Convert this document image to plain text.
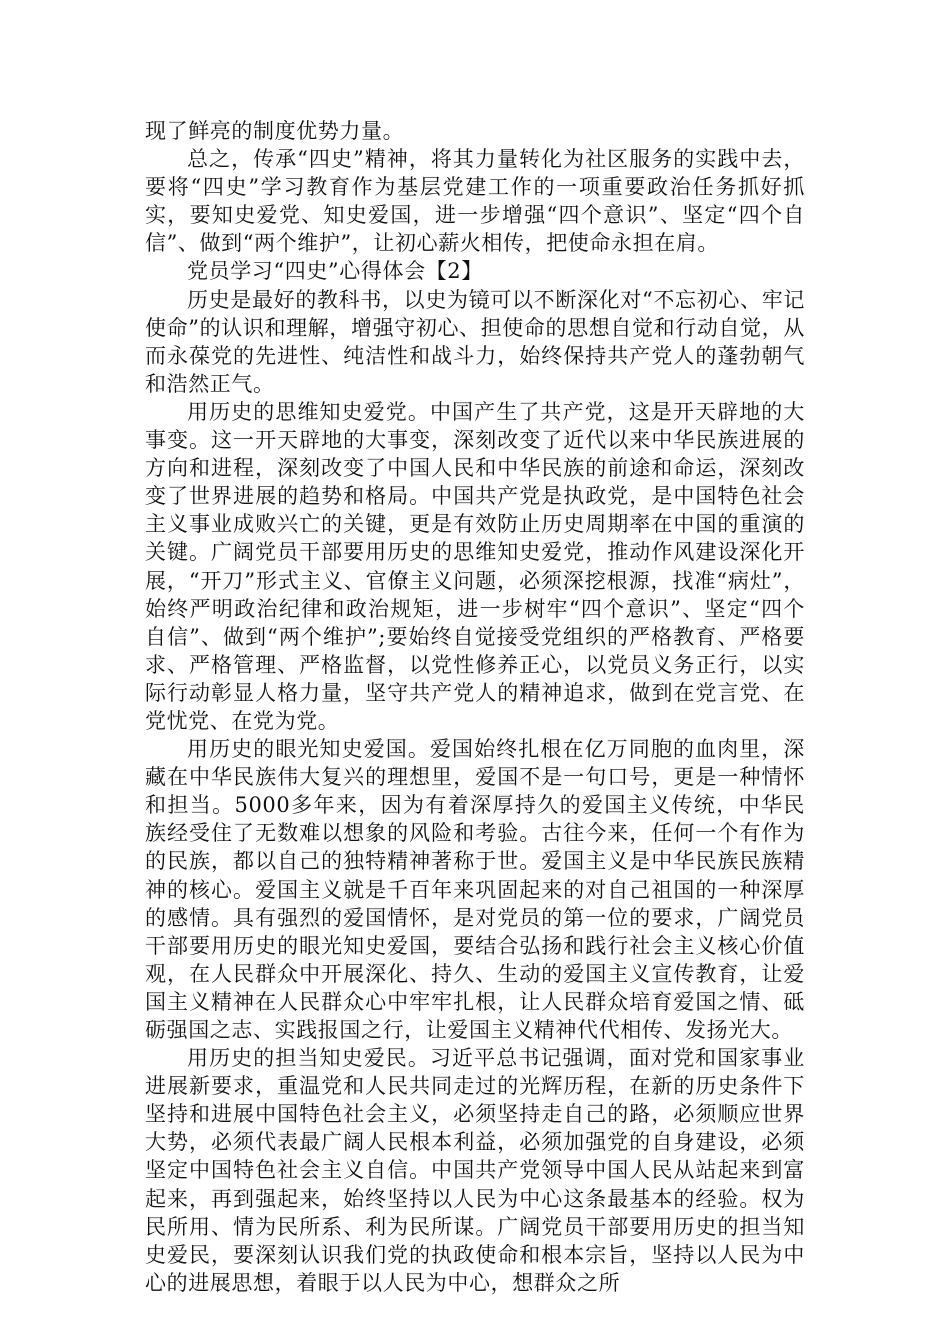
现了鲜亮的制度优势力量。

总之，传承“四史”精神，将其力量转化为社区服务的实践中去，要将“四史”学习教育作为基层党建工作的一项重要政治任务抓好抓实，要知史爱党、知史爱国，进一步增强“四个意识”、坚定“四个自信”、做到“两个维护”，让初心薪火相传，把使命永担在肩。

党员学习“四史”心得体会【2】

历史是最好的教科书，以史为镜可以不断深化对“不忘初心、牢记使命”的认识和理解，增强守初心、担使命的思想自觉和行动自觉，从而永葆党的先进性、纯洁性和战斗力，始终保持共产党人的蓬勃朝气和浩然正气。

用历史的思维知史爱党。中国产生了共产党，这是开天辟地的大事变。这一开天辟地的大事变，深刻改变了近代以来中华民族进展的方向和进程，深刻改变了中国人民和中华民族的前途和命运，深刻改变了世界进展的趋势和格局。中国共产党是执政党，是中国特色社会主义事业成败兴亡的关键，更是有效防止历史周期率在中国的重演的关键。广阔党员干部要用历史的思维知史爱党，推动作风建设深化开展，“开刀”形式主义、官僚主义问题，必须深挖根源，找准“病灶”，始终严明政治纪律和政治规矩，进一步树牢“四个意识”、坚定“四个自信”、做到“两个维护”;要始终自觉接受党组织的严格教育、严格要求、严格管理、严格监督，以党性修养正心，以党员义务正行，以实际行动彰显人格力量，坚守共产党人的精神追求，做到在党言党、在党忧党、在党为党。

用历史的眼光知史爱国。爱国始终扎根在亿万同胞的血肉里，深藏在中华民族伟大复兴的理想里，爱国不是一句口号，更是一种情怀和担当。5000多年来，因为有着深厚持久的爱国主义传统，中华民族经受住了无数难以想象的风险和考验。古往今来，任何一个有作为的民族，都以自己的独特精神著称于世。爱国主义是中华民族民族精神的核心。爱国主义就是千百年来巩固起来的对自己祖国的一种深厚的感情。具有强烈的爱国情怀，是对党员的第一位的要求，广阔党员干部要用历史的眼光知史爱国，要结合弘扬和践行社会主义核心价值观，在人民群众中开展深化、持久、生动的爱国主义宣传教育，让爱国主义精神在人民群众心中牢牢扎根，让人民群众培育爱国之情、砥砺强国之志、实践报国之行，让爱国主义精神代代相传、发扬光大。

用历史的担当知史爱民。习近平总书记强调，面对党和国家事业进展新要求，重温党和人民共同走过的光辉历程，在新的历史条件下坚持和进展中国特色社会主义，必须坚持走自己的路，必须顺应世界大势，必须代表最广阔人民根本利益，必须加强党的自身建设，必须坚定中国特色社会主义自信。中国共产党领导中国人民从站起来到富起来，再到强起来，始终坚持以人民为中心这条最基本的经验。权为民所用、情为民所系、利为民所谋。广阔党员干部要用历史的担当知史爱民，要深刻认识我们党的执政使命和根本宗旨，坚持以人民为中心的进展思想，着眼于以人民为中心，想群众之所
